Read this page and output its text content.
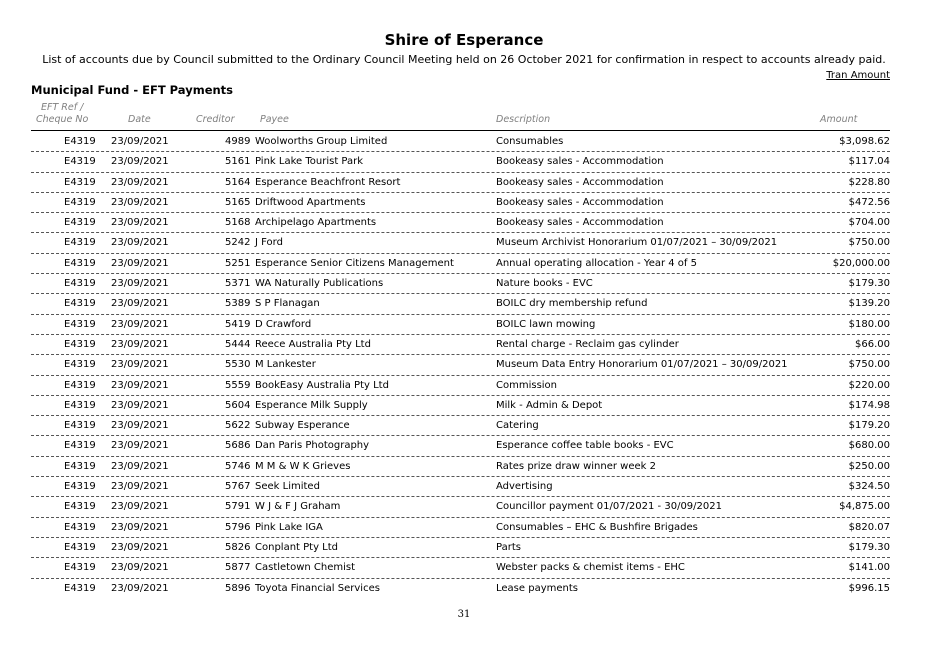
Shire of Esperance
List of accounts due by Council submitted to the Ordinary Council Meeting held on 26 October 2021 for confirmation in respect to accounts already paid.
Tran Amount
Municipal Fund - EFT Payments
EFT Ref /
Cheque No	Date	Creditor	Payee	Description	Amount
E4319 23/09/2021	4989 Woolworths Group Limited	Consumables	$3,098.62
E4319 23/09/2021	5161 Pink Lake Tourist Park	Bookeasy sales - Accommodation	$117.04
E4319 23/09/2021	5164 Esperance Beachfront Resort	Bookeasy sales - Accommodation	$228.80
E4319 23/09/2021	5165 Driftwood Apartments	Bookeasy sales - Accommodation	$472.56
E4319 23/09/2021	5168 Archipelago Apartments	Bookeasy sales - Accommodation	$704.00
E4319 23/09/2021	5242 J Ford	Museum Archivist Honorarium 01/07/2021 – 30/09/2021	$750.00
E4319 23/09/2021	5251 Esperance Senior Citizens Management	Annual operating allocation - Year 4 of 5	$20,000.00
E4319 23/09/2021	5371 WA Naturally Publications	Nature books - EVC	$179.30
E4319 23/09/2021	5389 S P Flanagan	BOILC dry membership refund	$139.20
E4319 23/09/2021	5419 D Crawford	BOILC lawn mowing	$180.00
E4319 23/09/2021	5444 Reece Australia Pty Ltd	Rental charge - Reclaim gas cylinder	$66.00
E4319 23/09/2021	5530 M Lankester	Museum Data Entry Honorarium 01/07/2021 – 30/09/2021	$750.00
E4319 23/09/2021	5559 BookEasy Australia Pty Ltd	Commission	$220.00
E4319 23/09/2021	5604 Esperance Milk Supply	Milk - Admin & Depot	$174.98
E4319 23/09/2021	5622 Subway Esperance	Catering	$179.20
E4319 23/09/2021	5686 Dan Paris Photography	Esperance coffee table books - EVC	$680.00
E4319 23/09/2021	5746 M M & W K Grieves	Rates prize draw winner week 2	$250.00
E4319 23/09/2021	5767 Seek Limited	Advertising	$324.50
E4319 23/09/2021	5791 W J & F J Graham	Councillor payment 01/07/2021 - 30/09/2021	$4,875.00
E4319 23/09/2021	5796 Pink Lake IGA	Consumables – EHC & Bushfire Brigades	$820.07
E4319 23/09/2021	5826 Conplant Pty Ltd	Parts	$179.30
E4319 23/09/2021	5877 Castletown Chemist	Webster packs & chemist items - EHC	$141.00
E4319 23/09/2021	5896 Toyota Financial Services	Lease payments	$996.15
31
